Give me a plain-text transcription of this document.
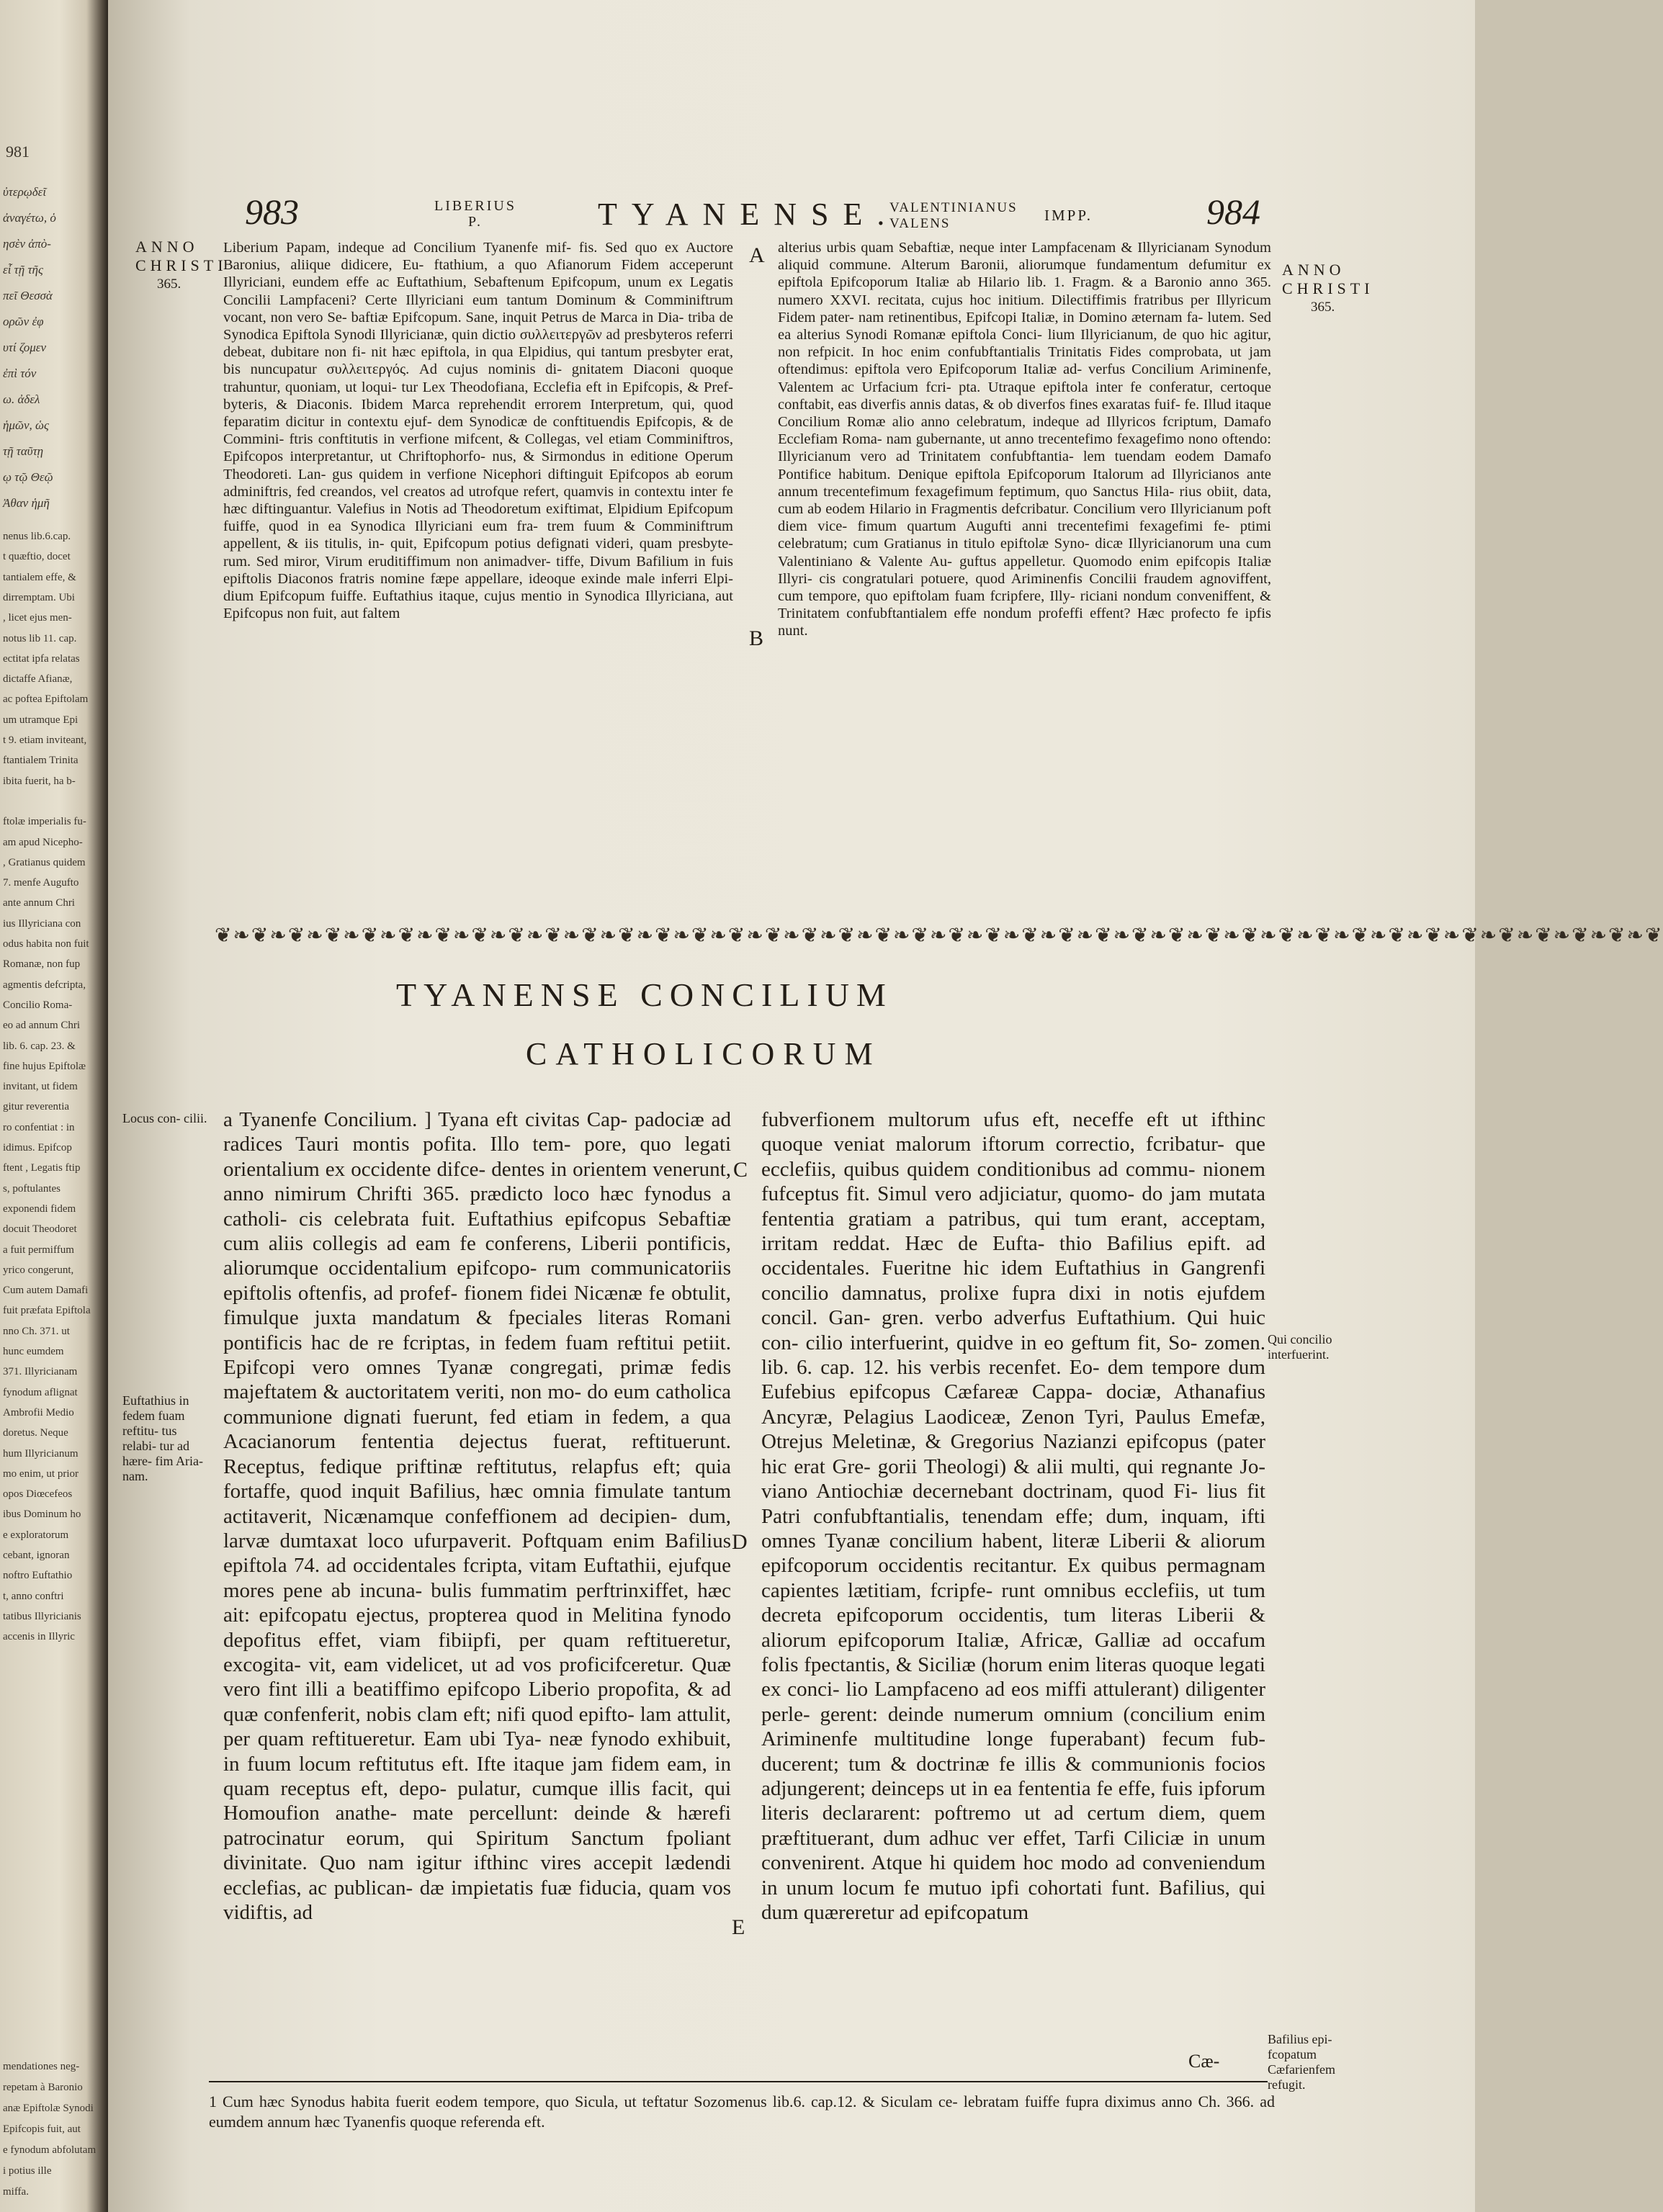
981
ὐτερῳδεῖ
ἀναγέτω, ὁ
ησὲν ἀπὸ-
εἶ τῇ τῆς
πεῖ Θεσσὰ
ορῶν ἐφ
υτί ζομεν
ἐπὶ τόν
ω. ἀδελ
ἡμῶν, ὡς
τῇ ταῦτῃ
ῳ τῷ Θεῷ
Ἀθαν ἡμῆ
nenus lib.6.cap.
t quæftio, docet
tantialem effe, &
dirremptam. Ubi
, licet ejus men-
notus lib 11. cap.
ectitat ipfa relatas
dictaffe Afianæ,
ac poftea Epiftolam
um utramque Epi
t 9. etiam inviteant,
ftantialem Trinita
ibita fuerit, ha b-
ftolæ imperialis fu-
am apud Nicepho-
, Gratianus quidem
7. menfe Augufto
ante annum Chri
ius Illyriciana con
odus habita non fuit
Romanæ, non fup
agmentis defcripta,
Concilio Roma-
eo ad annum Chri
lib. 6. cap. 23. &
fine hujus Epiftolæ
invitant, ut fidem
gitur reverentia
ro confentiat : in
idimus. Epifcop
ftent , Legatis ftip
s, poftulantes
exponendi fidem
docuit Theodoret
a fuit permiffum
yrico congerunt,
Cum autem Damafi
fuit præfata Epiftola
nno Ch. 371. ut
hunc eumdem
371. Illyricianam
fynodum aflignat
Ambrofii Medio
doretus. Neque
hum Illyricianum
mo enim, ut prior
opos Diœcefeos
ibus Dominum ho
e exploratorum
cebant, ignoran
noftro Euftathio
t, anno conftri
tatibus Illyricianis
accenis in Illyric
mendationes neg-
repetam à Baronio
anæ Epiftolæ Synodi
Epifcopis fuit, aut
e fynodum abfolutam
i potius ille
miffa.
983	LIBERIUS
P.	TYANENSE.
VALENTINIANUS
VALENS	IMPP.	984
ANNO
CHRISTI
365.
ANNO
CHRISTI
365.

Liberium Papam, indeque ad Concilium Tyanenfe mif- fis. Sed quo ex Auctore Baronius, aliique didicere, Eu- ftathium, a quo Afianorum Fidem acceperunt Illyriciani, eundem effe ac Euftathium, Sebaftenum Epifcopum, unum ex Legatis Concilii Lampfaceni? Certe Illyriciani eum tantum Dominum & Comminiftrum vocant, non vero Se- baftiæ Epifcopum. Sane, inquit Petrus de Marca in Dia- triba de Synodica Epiftola Synodi Illyricianæ, quin dictio συλλειτεργῶν ad presbyteros referri debeat, dubitare non fi- nit hæc epiftola, in qua Elpidius, qui tantum presbyter erat, bis nuncupatur συλλειτεργός. Ad cujus nominis di- gnitatem Diaconi quoque trahuntur, quoniam, ut loqui- tur Lex Theodofiana, Ecclefia eft in Epifcopis, & Pref- byteris, & Diaconis. Ibidem Marca reprehendit errorem Interpretum, qui, quod feparatim dicitur in contextu ejuf- dem Synodicæ de conftituendis Epifcopis, & de Commini- ftris conftitutis in verfione mifcent, & Collegas, vel etiam Comminiftros, Epifcopos interpretantur, ut Chriftophorfo- nus, & Sirmondus in editione Operum Theodoreti. Lan- gus quidem in verfione Nicephori diftinguit Epifcopos ab eorum adminiftris, fed creandos, vel creatos ad utrofque refert, quamvis in contextu inter fe hæc diftinguantur. Valefius in Notis ad Theodoretum exiftimat, Elpidium Epifcopum fuiffe, quod in ea Synodica Illyriciani eum fra- trem fuum & Comminiftrum appellent, & iis titulis, in- quit, Epifcopum potius defignati videri, quam presbyte- rum. Sed miror, Virum eruditiffimum non animadver- tiffe, Divum Bafilium in fuis epiftolis Diaconos fratris nomine fæpe appellare, ideoque exinde male inferri Elpi- dium Epifcopum fuiffe. Euftathius itaque, cujus mentio in Synodica Illyriciana, aut Epifcopus non fuit, aut faltem

A
B

alterius urbis quam Sebaftiæ, neque inter Lampfacenam & Illyricianam Synodum aliquid commune. Alterum Baronii, aliorumque fundamentum defumitur ex epiftola Epifcoporum Italiæ ab Hilario lib. 1. Fragm. & a Baronio anno 365. numero XXVI. recitata, cujus hoc initium. Dilectiffimis fratribus per Illyricum Fidem pater- nam retinentibus, Epifcopi Italiæ, in Domino æternam fa- lutem. Sed ea alterius Synodi Romanæ epiftola Conci- lium Illyricianum, de quo hic agitur, non refpicit. In hoc enim confubftantialis Trinitatis Fides comprobata, ut jam oftendimus: epiftola vero Epifcoporum Italiæ ad- verfus Concilium Ariminenfe, Valentem ac Urfacium fcri- pta. Utraque epiftola inter fe conferatur, certoque conftabit, eas diverfis annis datas, & ob diverfos fines exaratas fuif- fe. Illud itaque Concilium Romæ alio anno celebratum, indeque ad Illyricos fcriptum, Damafo Ecclefiam Roma- nam gubernante, ut anno trecentefimo fexagefimo nono oftendo: Illyricianum vero ad Trinitatem confubftantia- lem tuendam eodem Damafo Pontifice habitum. Denique epiftola Epifcoporum Italorum ad Illyricianos ante annum trecentefimum fexagefimum feptimum, quo Sanctus Hila- rius obiit, data, cum ab eodem Hilario in Fragmentis defcribatur. Concilium vero Illyricianum poft diem vice- fimum quartum Augufti anni trecentefimi fexagefimi fe- ptimi celebratum; cum Gratianus in titulo epiftolæ Syno- dicæ Illyricianorum una cum Valentiniano & Valente Au- guftus appelletur. Quomodo enim epifcopis Italiæ Illyri- cis congratulari potuere, quod Ariminenfis Concilii fraudem agnoviffent, cum tempore, quo epiftolam fuam fcripfere, Illy- riciani nondum conveniffent, & Trinitatem confubftantialem effe nondum profeffi effent? Hæc profecto fe ipfis nunt.

❦❧❦❧❦❧❦❧❦❧❦❧❦❧❦❧❦❧❦❧❦❧❦❧❦❧❦❧❦❧❦❧❦❧❦❧❦❧❦❧❦❧❦❧❦❧❦❧❦❧❦❧❦❧❦❧❦❧❦❧❦❧❦❧❦❧❦❧❦❧❦❧❦❧❦❧❦❧❦
TYANENSE CONCILIUM
CATHOLICORUM
Locus con- cilii.
Euftathius in fedem fuam reftitu- tus relabi- tur ad hære- fim Aria- nam.
Qui concilio interfuerint.
Bafilius epi- fcopatum Cæfarienfem refugit.

a Tyanenfe Concilium. ] Tyana eft civitas Cap- padociæ ad radices Tauri montis pofita. Illo tem- pore, quo legati orientalium ex occidente difce- dentes in orientem venerunt, anno nimirum Chrifti 365. prædicto loco hæc fynodus a catholi- cis celebrata fuit. Euftathius epifcopus Sebaftiæ cum aliis collegis ad eam fe conferens, Liberii pontificis, aliorumque occidentalium epifcopo- rum communicatoriis epiftolis oftenfis, ad profef- fionem fidei Nicænæ fe obtulit, fimulque juxta mandatum & fpeciales literas Romani pontificis hac de re fcriptas, in fedem fuam reftitui petiit. Epifcopi vero omnes Tyanæ congregati, primæ fedis majeftatem & auctoritatem veriti, non mo- do eum catholica communione dignati fuerunt, fed etiam in fedem, a qua Acacianorum fententia dejectus fuerat, reftituerunt. Receptus, fedique priftinæ reftitutus, relapfus eft; quia fortaffe, quod inquit Bafilius, hæc omnia fimulate tantum actitaverit, Nicænamque confeffionem ad decipien- dum, larvæ dumtaxat loco ufurpaverit. Poftquam enim Bafilius epiftola 74. ad occidentales fcripta, vitam Euftathii, ejufque mores pene ab incuna- bulis fummatim perftrinxiffet, hæc ait: epifcopatu ejectus, propterea quod in Melitina fynodo depofitus effet, viam fibiipfi, per quam reftitueretur, excogita- vit, eam videlicet, ut ad vos proficifceretur. Quæ vero fint illi a beatiffimo epifcopo Liberio propofita, & ad quæ confenferit, nobis clam eft; nifi quod epifto- lam attulit, per quam reftitueretur. Eam ubi Tya- neæ fynodo exhibuit, in fuum locum reftitutus eft. Ifte itaque jam fidem eam, in quam receptus eft, depo- pulatur, cumque illis facit, qui Homoufion anathe- mate percellunt: deinde & hærefi patrocinatur eorum, qui Spiritum Sanctum fpoliant divinitate. Quo nam igitur ifthinc vires accepit lædendi ecclefias, ac publican- dæ impietatis fuæ fiducia, quam vos vidiftis, ad

C
D
E

fubverfionem multorum ufus eft, neceffe eft ut ifthinc quoque veniat malorum iftorum correctio, fcribatur- que ecclefiis, quibus quidem conditionibus ad commu- nionem fufceptus fit. Simul vero adjiciatur, quomo- do jam mutata fententia gratiam a patribus, qui tum erant, acceptam, irritam reddat. Hæc de Eufta- thio Bafilius epift. ad occidentales. Fueritne hic idem Euftathius in Gangrenfi concilio damnatus, prolixe fupra dixi in notis ejufdem concil. Gan- gren. verbo adverfus Euftathium. Qui huic con- cilio interfuerint, quidve in eo geftum fit, So- zomen. lib. 6. cap. 12. his verbis recenfet. Eo- dem tempore dum Eufebius epifcopus Cæfareæ Cappa- dociæ, Athanafius Ancyræ, Pelagius Laodiceæ, Zenon Tyri, Paulus Emefæ, Otrejus Meletinæ, & Gregorius Nazianzi epifcopus (pater hic erat Gre- gorii Theologi) & alii multi, qui regnante Jo- viano Antiochiæ decernebant doctrinam, quod Fi- lius fit Patri confubftantialis, tenendam effe; dum, inquam, ifti omnes Tyanæ concilium habent, literæ Liberii & aliorum epifcoporum occidentis recitantur. Ex quibus permagnam capientes lætitiam, fcripfe- runt omnibus ecclefiis, ut tum decreta epifcoporum occidentis, tum literas Liberii & aliorum epifcoporum Italiæ, Africæ, Galliæ ad occafum folis fpectantis, & Siciliæ (horum enim literas quoque legati ex conci- lio Lampfaceno ad eos miffi attulerant) diligenter perle- gerent: deinde numerum omnium (concilium enim Ariminenfe multitudine longe fuperabant) fecum fub- ducerent; tum & doctrinæ fe illis & communionis focios adjungerent; deinceps ut in ea fententia fe effe, fuis ipforum literis declararent: poftremo ut ad certum diem, quem præftituerant, dum adhuc ver effet, Tarfi Ciliciæ in unum convenirent. Atque hi quidem hoc modo ad conveniendum in unum locum fe mutuo ipfi cohortati funt. Bafilius, qui dum quæreretur ad epifcopatum

Cæ-
1 Cum hæc Synodus habita fuerit eodem tempore, quo Sicula, ut teftatur Sozomenus lib.6. cap.12. & Siculam ce- lebratam fuiffe fupra diximus anno Ch. 366. ad eumdem annum hæc Tyanenfis quoque referenda eft.
